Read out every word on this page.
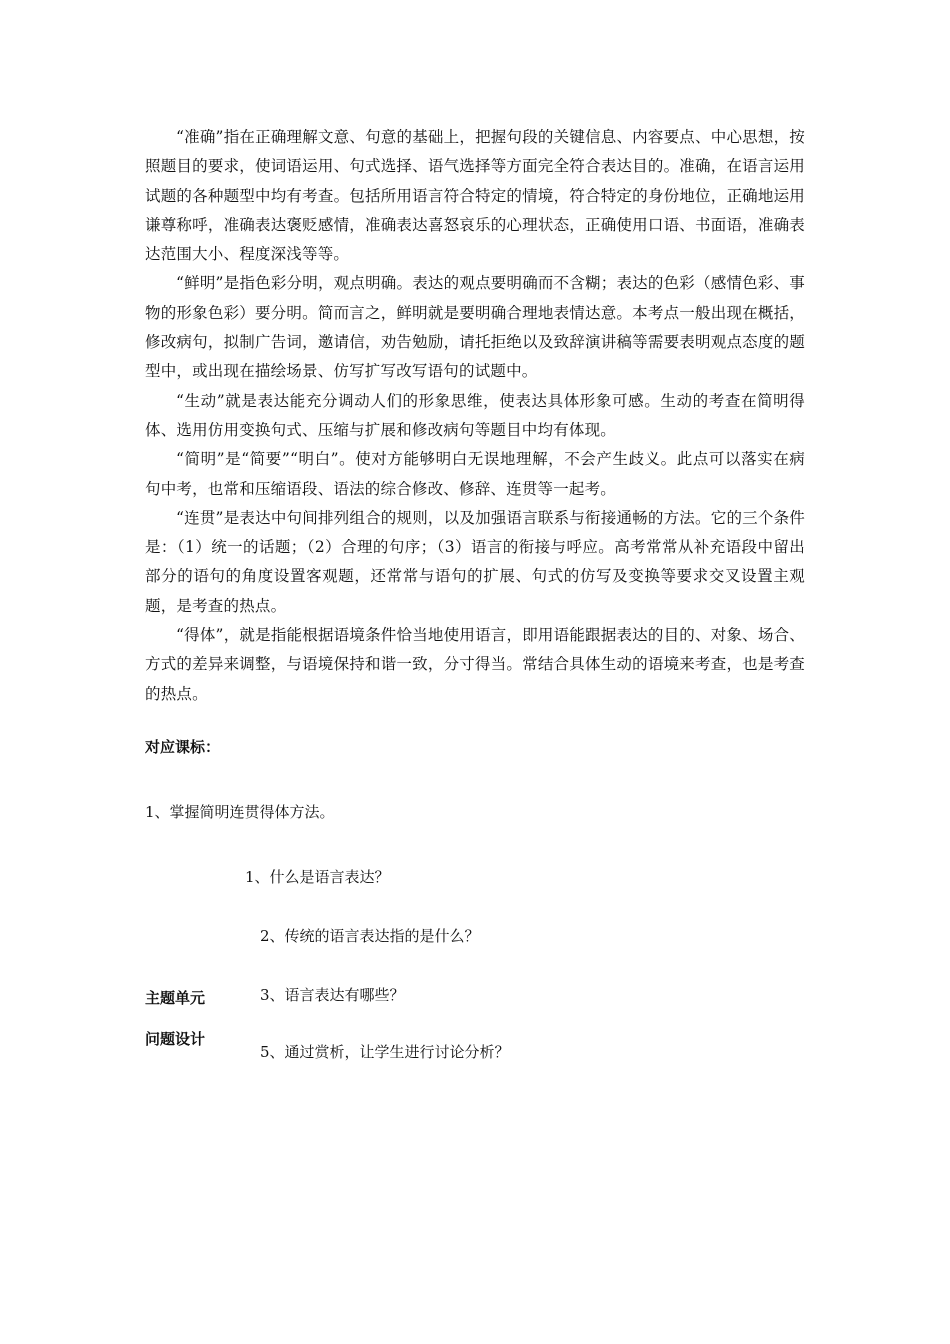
“准确”指在正确理解文意、句意的基础上，把握句段的关键信息、内容要点、中心思想，按照题目的要求，使词语运用、句式选择、语气选择等方面完全符合表达目的。准确，在语言运用试题的各种题型中均有考查。包括所用语言符合特定的情境，符合特定的身份地位，正确地运用谦尊称呼，准确表达褒贬感情，准确表达喜怒哀乐的心理状态，正确使用口语、书面语，准确表达范围大小、程度深浅等等。

“鲜明”是指色彩分明，观点明确。表达的观点要明确而不含糊；表达的色彩（感情色彩、事物的形象色彩）要分明。简而言之，鲜明就是要明确合理地表情达意。本考点一般出现在概括，修改病句，拟制广告词，邀请信，劝告勉励，请托拒绝以及致辞演讲稿等需要表明观点态度的题型中，或出现在描绘场景、仿写扩写改写语句的试题中。

“生动”就是表达能充分调动人们的形象思维，使表达具体形象可感。生动的考查在简明得体、选用仿用变换句式、压缩与扩展和修改病句等题目中均有体现。

“简明”是“简要”“明白”。使对方能够明白无误地理解，不会产生歧义。此点可以落实在病句中考，也常和压缩语段、语法的综合修改、修辞、连贯等一起考。

“连贯”是表达中句间排列组合的规则，以及加强语言联系与衔接通畅的方法。它的三个条件是：（1）统一的话题；（2）合理的句序；（3）语言的衔接与呼应。高考常常从补充语段中留出部分的语句的角度设置客观题，还常常与语句的扩展、句式的仿写及变换等要求交叉设置主观题，是考查的热点。

“得体”，就是指能根据语境条件恰当地使用语言，即用语能跟据表达的目的、对象、场合、方式的差异来调整，与语境保持和谐一致，分寸得当。常结合具体生动的语境来考查，也是考查的热点。

对应课标：
1、掌握简明连贯得体方法。
1、什么是语言表达？
2、传统的语言表达指的是什么？
主题单元	3、语言表达有哪些？
问题设计
5、通过赏析，让学生进行讨论分析？
